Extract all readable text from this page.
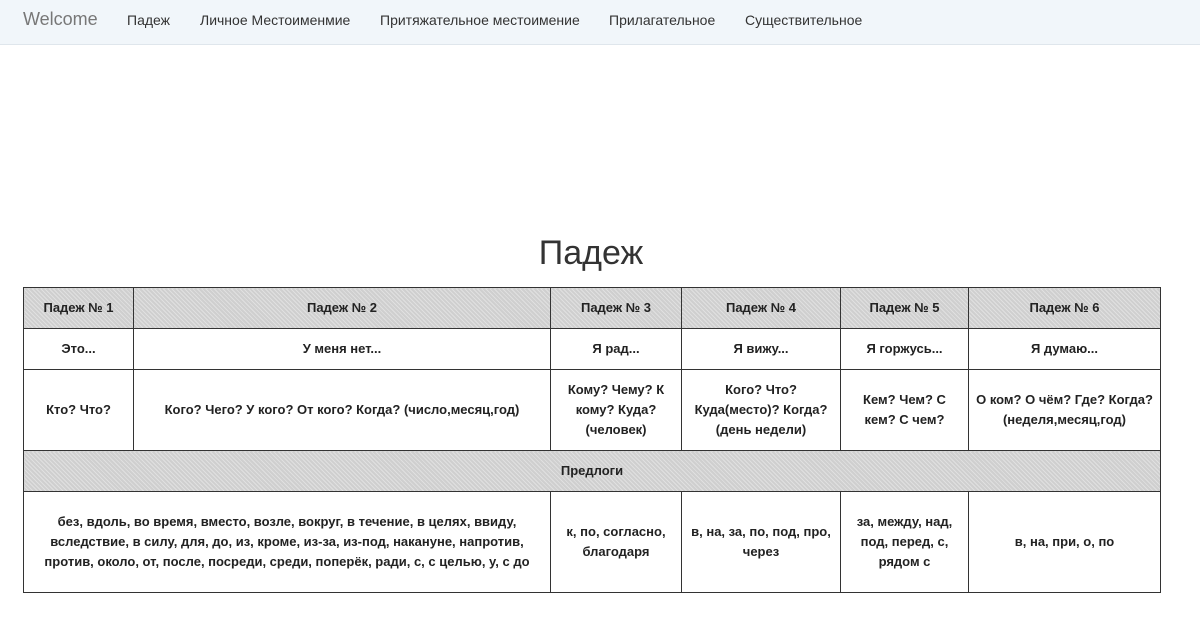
Welcome Падеж Личное Местоименмие Притяжательное местоимение Прилагательное Существительное
Падеж
Падеж № 1	Падеж № 2	Падеж № 3	Падеж № 4	Падеж № 5	Падеж № 6
Это...	У меня нет...	Я рад...	Я вижу...	Я горжусь...	Я думаю...
Кто? Что?	Кого? Чего? У кого? От кого? Когда? (число,месяц,год)	Кому? Чему? К кому? Куда? (человек)	Кого? Что? Куда(место)? Когда? (день недели)	Кем? Чем? С кем? С чем?	О ком? О чём? Где? Когда? (неделя,месяц,год)
Предлоги					
без, вдоль, во время, вместо, возле, вокруг, в течение, в целях, ввиду, вследствие, в силу, для, до, из, кроме, из-за, из-под, накануне, напротив, против, около, от, после, посреди, среди, поперёк, ради, с, с целью, у, с до		к, по, согласно, благодаря	в, на, за, по, под, про, через	за, между, над, под, перед, с, рядом с	в, на, при, о, по
